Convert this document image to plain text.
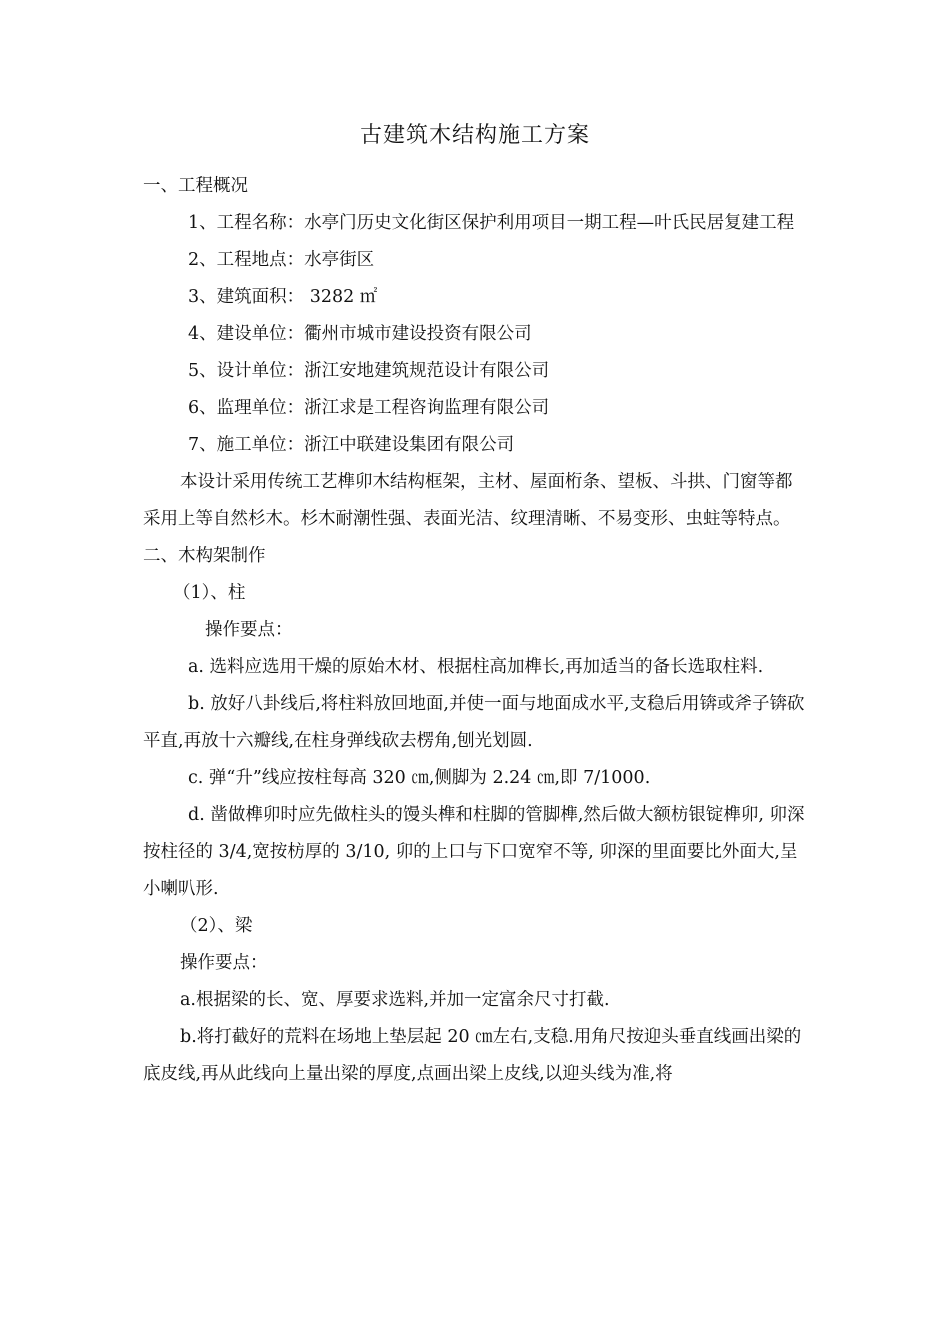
古建筑木结构施工方案

一、工程概况

1、工程名称：水亭门历史文化街区保护利用项目一期工程—叶氏民居复建工程

2、工程地点：水亭街区

3、建筑面积： 3282 ㎡

4、建设单位：衢州市城市建设投资有限公司

5、设计单位：浙江安地建筑规范设计有限公司

6、监理单位：浙江求是工程咨询监理有限公司

7、施工单位：浙江中联建设集团有限公司

本设计采用传统工艺榫卯木结构框架，主材、屋面桁条、望板、斗拱、门窗等都采用上等自然杉木。杉木耐潮性强、表面光洁、纹理清晰、不易变形、虫蛀等特点。

二、木构架制作

（1）、柱

操作要点：

a. 选料应选用干燥的原始木材、根据柱高加榫长,再加适当的备长选取柱料.

b. 放好八卦线后,将柱料放回地面,并使一面与地面成水平,支稳后用锛或斧子锛砍平直,再放十六瓣线,在柱身弹线砍去楞角,刨光划圆.

c. 弹“升”线应按柱每高 320 ㎝,侧脚为 2.24 ㎝,即 7/1000.

d. 凿做榫卯时应先做柱头的馒头榫和柱脚的管脚榫,然后做大额枋银锭榫卯, 卯深按柱径的 3/4,宽按枋厚的 3/10, 卯的上口与下口宽窄不等, 卯深的里面要比外面大,呈小喇叭形.

（2）、梁

操作要点：

a.根据梁的长、宽、厚要求选料,并加一定富余尺寸打截.

b.将打截好的荒料在场地上垫层起 20 ㎝左右,支稳.用角尺按迎头垂直线画出梁的底皮线,再从此线向上量出梁的厚度,点画出梁上皮线,以迎头线为准,将
